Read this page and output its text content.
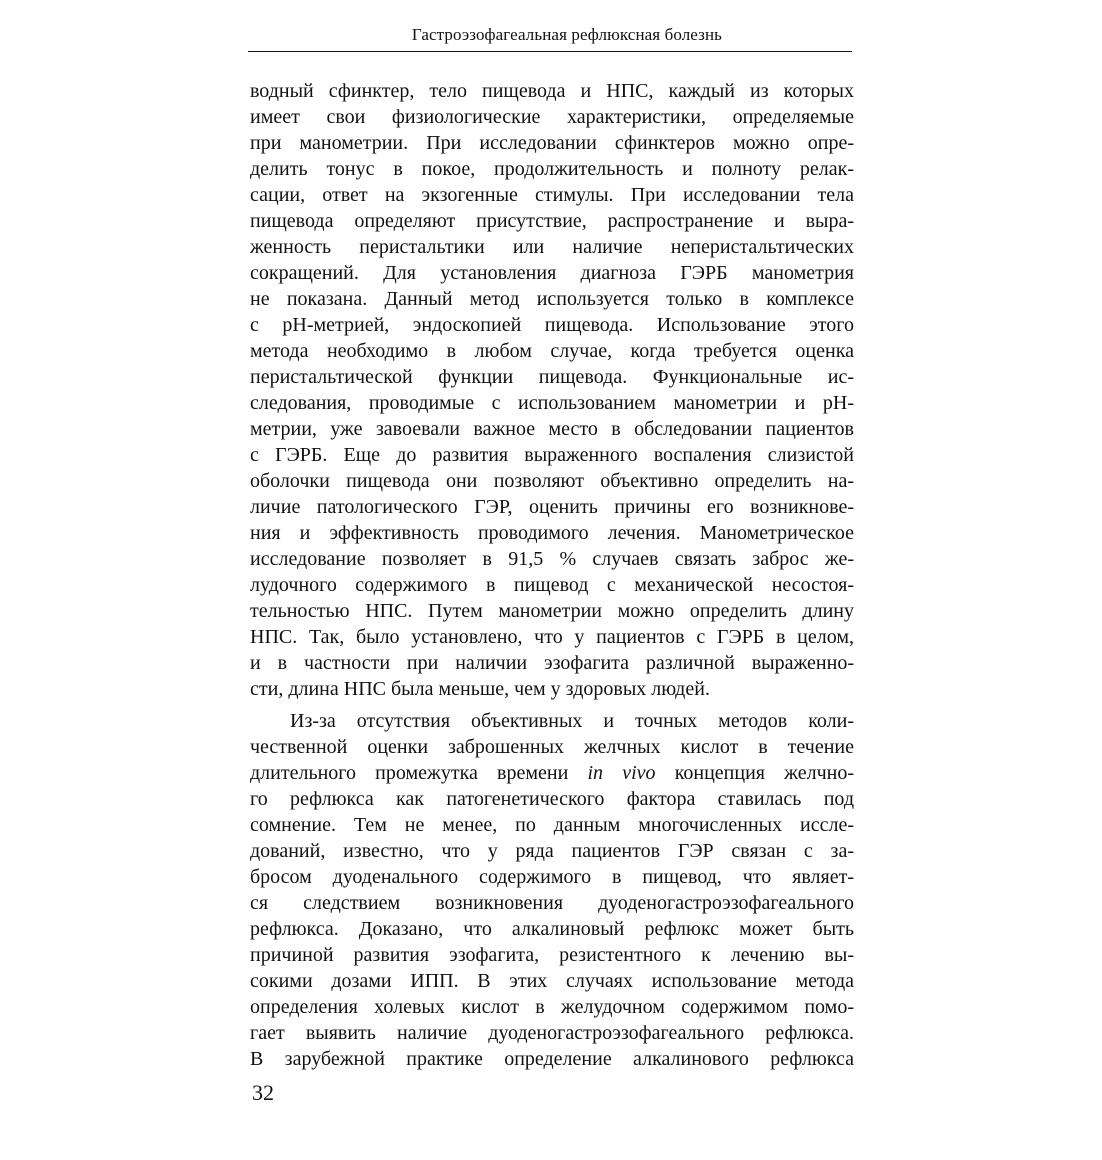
Гастроэзофагеальная рефлюксная болезнь
водный сфинктер, тело пищевода и НПС, каждый из которых
имеет свои физиологические характеристики, определяемые
при манометрии. При исследовании сфинктеров можно опре-
делить тонус в покое, продолжительность и полноту релак-
сации, ответ на экзогенные стимулы. При исследовании тела
пищевода определяют присутствие, распространение и выра-
женность перистальтики или наличие неперистальтических
сокращений. Для установления диагноза ГЭРБ манометрия
не показана. Данный метод используется только в комплексе
с pH-метрией, эндоскопией пищевода. Использование этого
метода необходимо в любом случае, когда требуется оценка
перистальтической функции пищевода. Функциональные ис-
следования, проводимые с использованием манометрии и pH-
метрии, уже завоевали важное место в обследовании пациентов
с ГЭРБ. Еще до развития выраженного воспаления слизистой
оболочки пищевода они позволяют объективно определить на-
личие патологического ГЭР, оценить причины его возникнове-
ния и эффективность проводимого лечения. Манометрическое
исследование позволяет в 91,5 % случаев связать заброс же-
лудочного содержимого в пищевод с механической несостоя-
тельностью НПС. Путем манометрии можно определить длину
НПС. Так, было установлено, что у пациентов с ГЭРБ в целом,
и в частности при наличии эзофагита различной выраженно-
сти, длина НПС была меньше, чем у здоровых людей.
Из-за отсутствия объективных и точных методов коли-
чественной оценки заброшенных желчных кислот в течение
длительного промежутка времени in vivo концепция желчно-
го рефлюкса как патогенетического фактора ставилась под
сомнение. Тем не менее, по данным многочисленных иссле-
дований, известно, что у ряда пациентов ГЭР связан с за-
бросом дуоденального содержимого в пищевод, что являет-
ся следствием возникновения дуоденогастроэзофагеального
рефлюкса. Доказано, что алкалиновый рефлюкс может быть
причиной развития эзофагита, резистентного к лечению вы-
сокими дозами ИПП. В этих случаях использование метода
определения холевых кислот в желудочном содержимом помо-
гает выявить наличие дуоденогастроэзофагеального рефлюкса.
В зарубежной практике определение алкалинового рефлюкса
32
